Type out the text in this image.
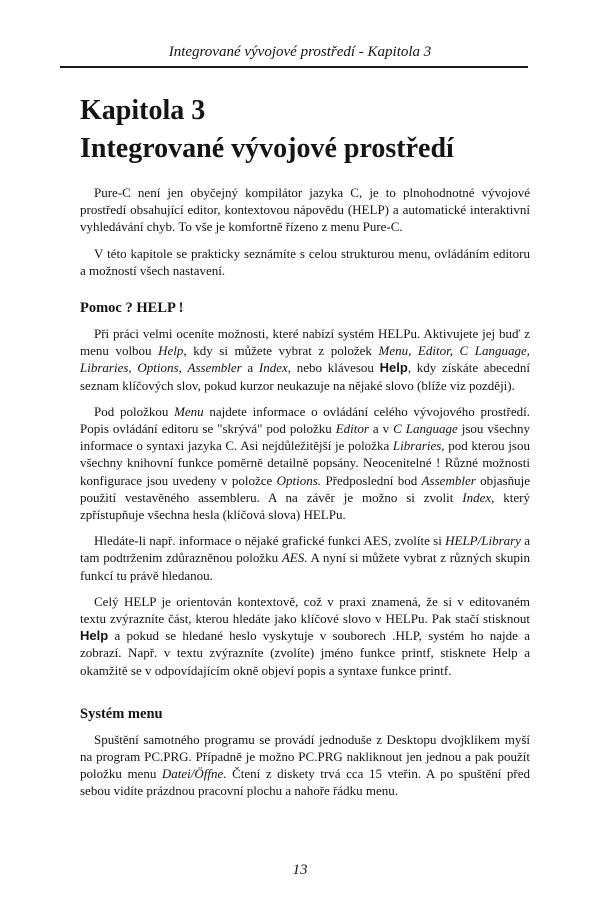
Integrované vývojové prostředí - Kapitola 3
Kapitola 3
Integrované vývojové prostředí

Pure-C není jen obyčejný kompilátor jazyka C, je to plnohodnotné vývojové prostředí obsahující editor, kontextovou nápovědu (HELP) a automatické interaktivní vyhledávání chyb. To vše je komfortně řízeno z menu Pure-C.

V této kapitole se prakticky seznámíte s celou strukturou menu, ovládáním editoru a možností všech nastavení.

Pomoc ? HELP !

Při práci velmi oceníte možnosti, které nabízí systém HELPu. Aktivujete jej buď z menu volbou Help, kdy si můžete vybrat z položek Menu, Editor, C Language, Libraries, Options, Assembler a Index, nebo klávesou Help, kdy získáte abecední seznam klíčových slov, pokud kurzor neukazuje na nějaké slovo (blíže viz později).

Pod položkou Menu najdete informace o ovládání celého vývojového prostředí. Popis ovládání editoru se "skrývá" pod položku Editor a v C Language jsou všechny informace o syntaxi jazyka C. Asi nejdůležitější je položka Libraries, pod kterou jsou všechny knihovní funkce poměrně detailně popsány. Neocenitelné ! Různé možnosti konfigurace jsou uvedeny v položce Options. Předposlední bod Assembler objasňuje použití vestavěného assembleru. A na závěr je možno si zvolit Index, který zpřístupňuje všechna hesla (klíčová slova) HELPu.

Hledáte-li např. informace o nějaké grafické funkci AES, zvolíte si HELP/Library a tam podtrženim zdůrazněnou položku AES. A nyní si můžete vybrat z různých skupin funkcí tu právě hledanou.

Celý HELP je orientován kontextově, což v praxi znamená, že si v editovaném textu zvýrazníte část, kterou hledáte jako klíčové slovo v HELPu. Pak stačí stisknout Help a pokud se hledané heslo vyskytuje v souborech .HLP, systém ho najde a zobrazí. Např. v textu zvýrazníte (zvolíte) jméno funkce printf, stisknete Help a okamžitě se v odpovídajícím okně objeví popis a syntaxe funkce printf.

Systém menu

Spuštění samotného programu se provádí jednoduše z Desktopu dvojklikem myší na program PC.PRG. Případně je možno PC.PRG nakliknout jen jednou a pak použít položku menu Datei/Öffne. Čtení z diskety trvá cca 15 vteřin. A po spuštění před sebou vidíte prázdnou pracovní plochu a nahoře řádku menu.

13
